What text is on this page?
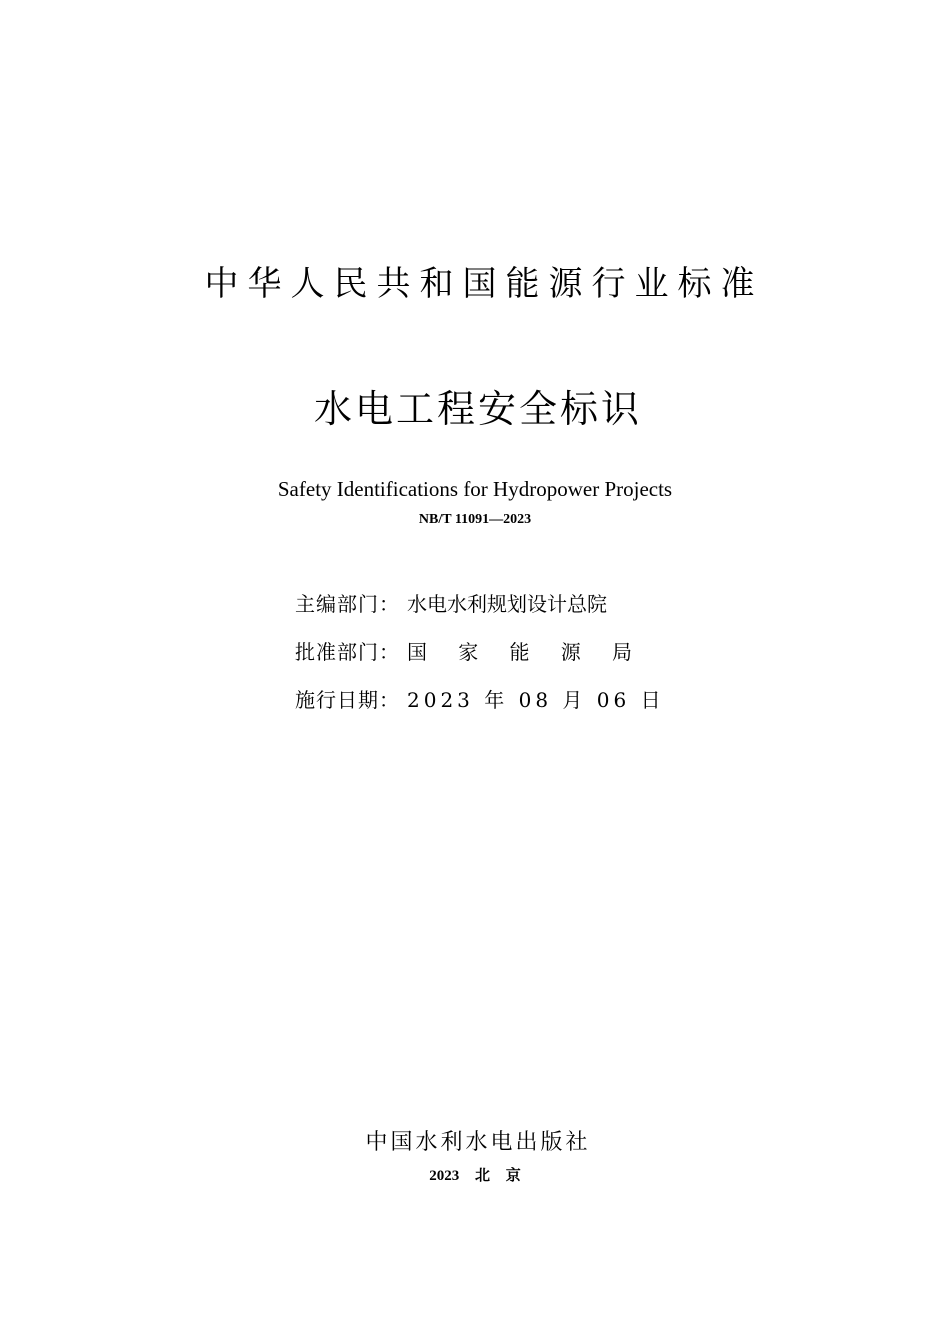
中华人民共和国能源行业标准
水电工程安全标识
Safety Identifications for Hydropower Projects
NB/T 11091—2023
主编部门： 水电水利规划设计总院
批准部门： 国 家 能 源 局
施行日期： 2023 年 08 月 06 日
中国水利水电出版社
2023 北 京
